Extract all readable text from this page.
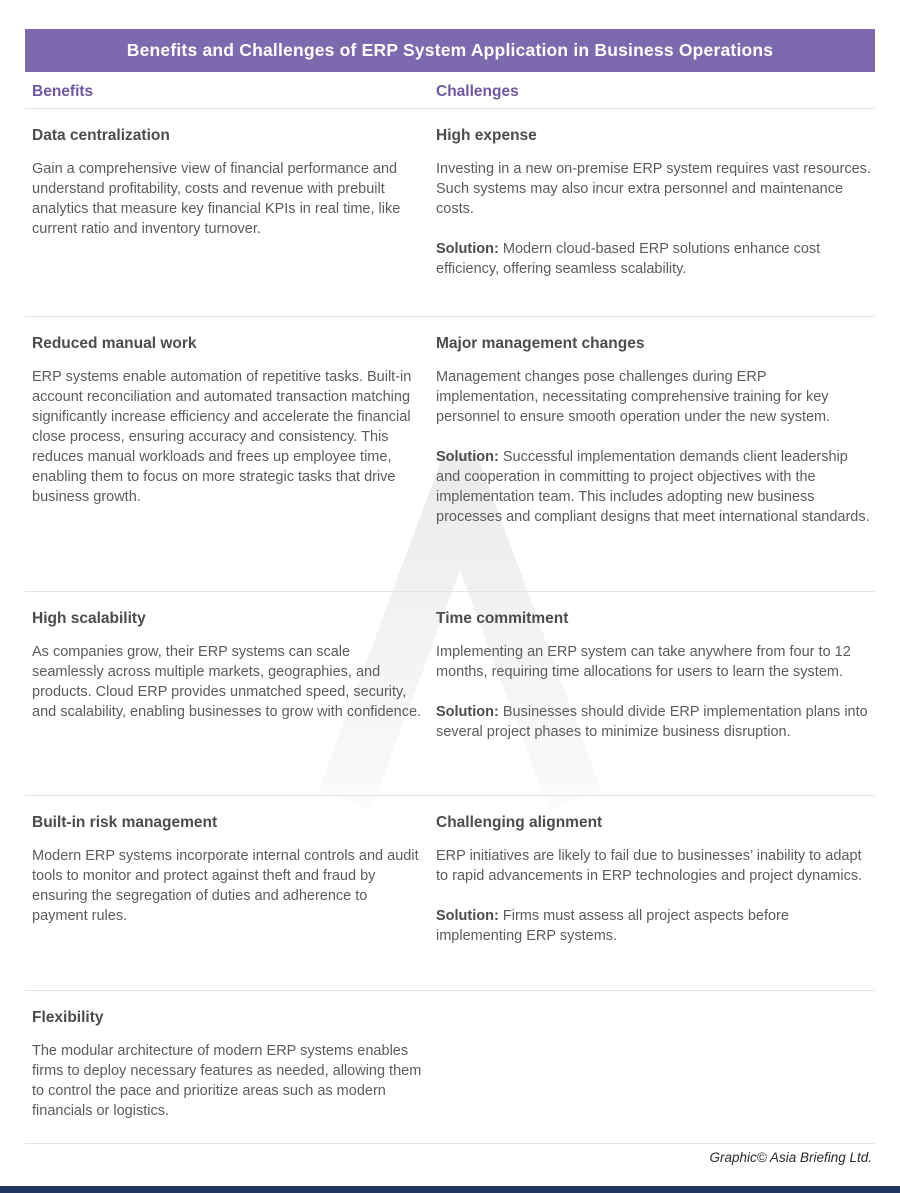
Benefits and Challenges of ERP System Application in Business Operations
Benefits	Challenges
Data centralization

Gain a comprehensive view of financial performance and understand profitability, costs and revenue with prebuilt analytics that measure key financial KPIs in real time, like current ratio and inventory turnover.

High expense

Investing in a new on-premise ERP system requires vast resources. Such systems may also incur extra personnel and maintenance costs.

Solution: Modern cloud-based ERP solutions enhance cost efficiency, offering seamless scalability.

Reduced manual work

ERP systems enable automation of repetitive tasks. Built-in account reconciliation and automated transaction matching significantly increase efficiency and accelerate the financial close process, ensuring accuracy and consistency. This reduces manual workloads and frees up employee time, enabling them to focus on more strategic tasks that drive business growth.

Major management changes

Management changes pose challenges during ERP implementation, necessitating comprehensive training for key personnel to ensure smooth operation under the new system.

Solution: Successful implementation demands client leadership and cooperation in committing to project objectives with the implementation team. This includes adopting new business processes and compliant designs that meet international standards.

High scalability

As companies grow, their ERP systems can scale seamlessly across multiple markets, geographies, and products. Cloud ERP provides unmatched speed, security, and scalability, enabling businesses to grow with confidence.

Time commitment

Implementing an ERP system can take anywhere from four to 12 months, requiring time allocations for users to learn the system.

Solution: Businesses should divide ERP implementation plans into several project phases to minimize business disruption.

Built-in risk management

Modern ERP systems incorporate internal controls and audit tools to monitor and protect against theft and fraud by ensuring the segregation of duties and adherence to payment rules.

Challenging alignment

ERP initiatives are likely to fail due to businesses’ inability to adapt to rapid advancements in ERP technologies and project dynamics.

Solution: Firms must assess all project aspects before implementing ERP systems.

Flexibility

The modular architecture of modern ERP systems enables firms to deploy necessary features as needed, allowing them to control the pace and prioritize areas such as modern financials or logistics.

Graphic© Asia Briefing Ltd.
